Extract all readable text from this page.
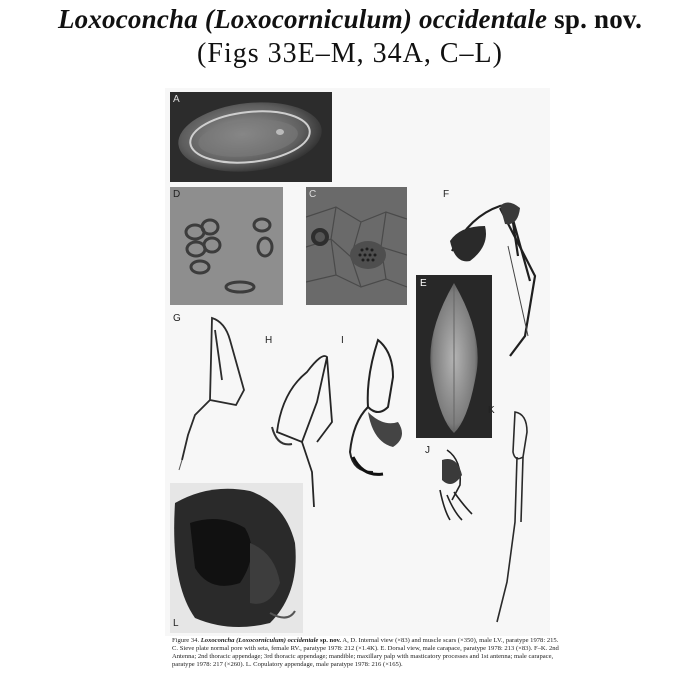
Loxoconcha (Loxocorniculum) occidentale sp. nov.
(Figs 33E–M, 34A, C–L)
A
D	C	F
G
H	I
E
J
K
L
Figure 34. Loxoconcha (Loxocorniculum) occidentale sp. nov. A, D. Internal view (×83) and muscle scars (×350), male LV., paratype 1978: 215. C. Sieve plate normal pore with seta, female RV., paratype 1978: 212 (×1.4K). E. Dorsal view, male carapace, paratype 1978: 213 (×83). F–K. 2nd Antenna; 2nd thoracic appendage; 3rd thoracic appendage; mandible; maxillary palp with masticatory processes and 1st antenna; male carapace, paratype 1978: 217 (×260). L. Copulatory appendage, male paratype 1978: 216 (×165).
